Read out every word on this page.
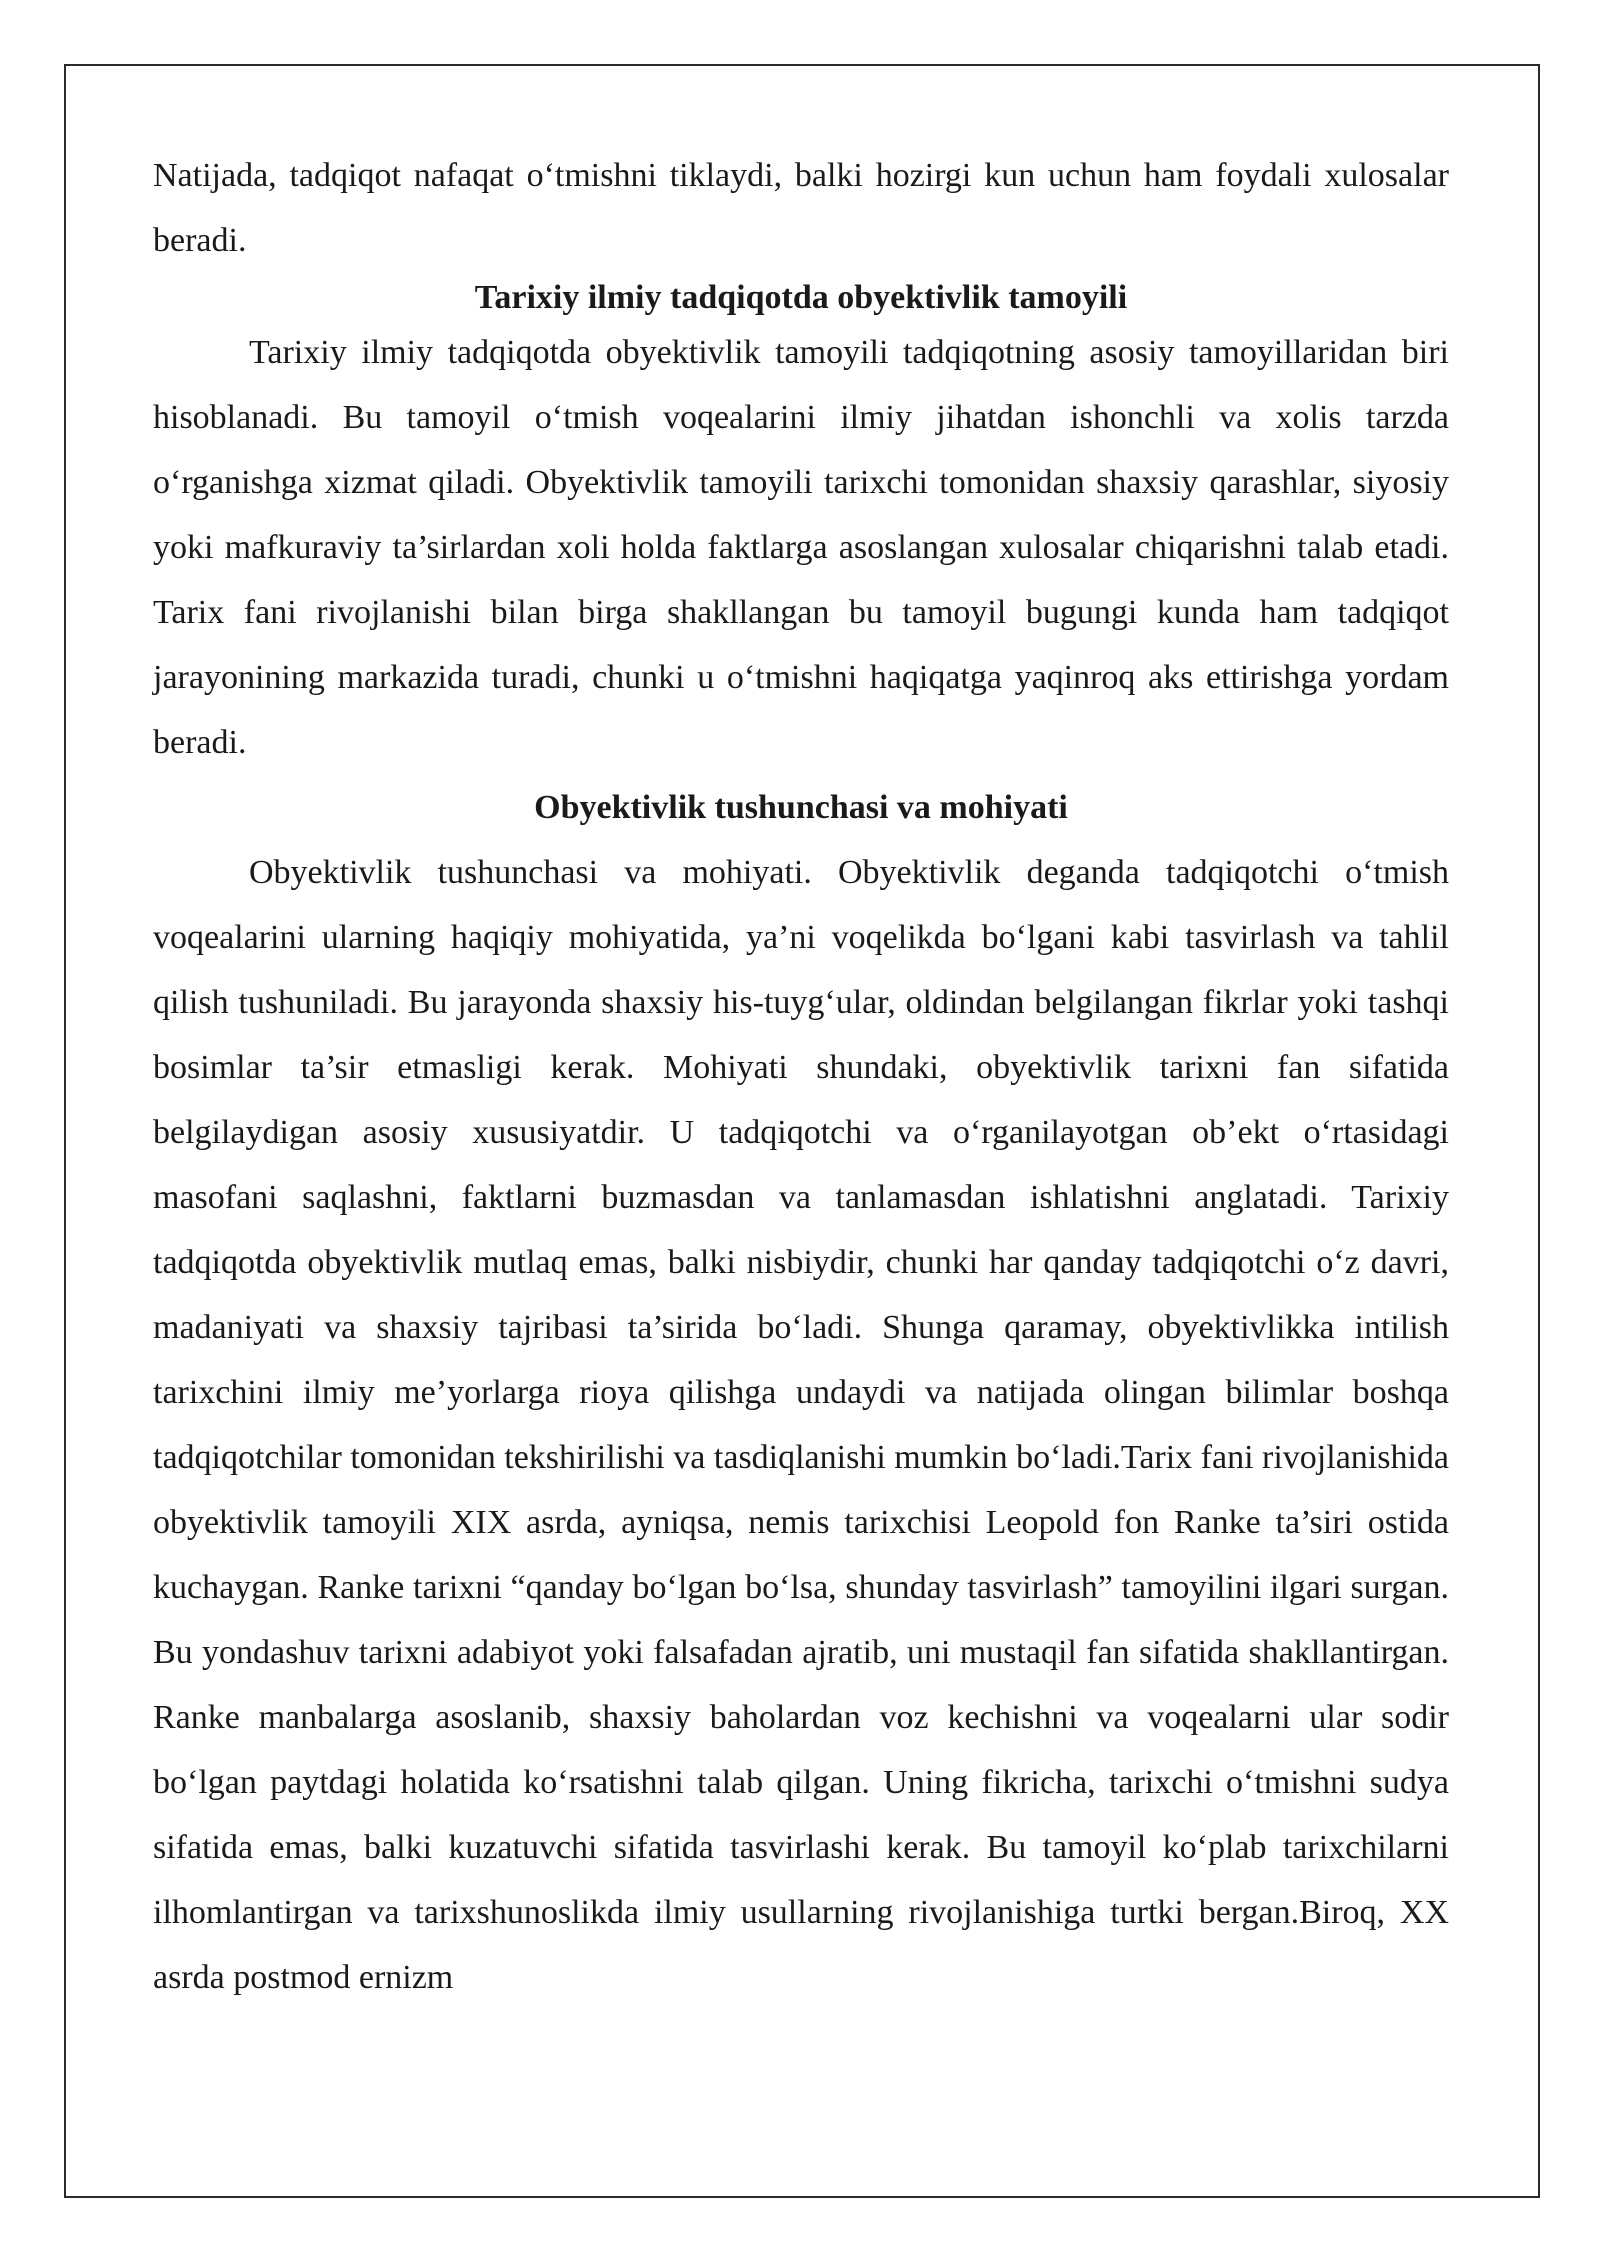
Natijada, tadqiqot nafaqat o‘tmishni tiklaydi, balki hozirgi kun uchun ham foydali xulosalar beradi.

Tarixiy ilmiy tadqiqotda obyektivlik tamoyili

Tarixiy ilmiy tadqiqotda obyektivlik tamoyili tadqiqotning asosiy tamoyillaridan biri hisoblanadi. Bu tamoyil o‘tmish voqealarini ilmiy jihatdan ishonchli va xolis tarzda o‘rganishga xizmat qiladi. Obyektivlik tamoyili tarixchi tomonidan shaxsiy qarashlar, siyosiy yoki mafkuraviy ta’sirlardan xoli holda faktlarga asoslangan xulosalar chiqarishni talab etadi. Tarix fani rivojlanishi bilan birga shakllangan bu tamoyil bugungi kunda ham tadqiqot jarayonining markazida turadi, chunki u o‘tmishni haqiqatga yaqinroq aks ettirishga yordam beradi.

Obyektivlik tushunchasi va mohiyati

Obyektivlik tushunchasi va mohiyati. Obyektivlik deganda tadqiqotchi o‘tmish voqealarini ularning haqiqiy mohiyatida, ya’ni voqelikda bo‘lgani kabi tasvirlash va tahlil qilish tushuniladi. Bu jarayonda shaxsiy his-tuyg‘ular, oldindan belgilangan fikrlar yoki tashqi bosimlar ta’sir etmasligi kerak. Mohiyati shundaki, obyektivlik tarixni fan sifatida belgilaydigan asosiy xususiyatdir. U tadqiqotchi va o‘rganilayotgan ob’ekt o‘rtasidagi masofani saqlashni, faktlarni buzmasdan va tanlamasdan ishlatishni anglatadi. Tarixiy tadqiqotda obyektivlik mutlaq emas, balki nisbiydir, chunki har qanday tadqiqotchi o‘z davri, madaniyati va shaxsiy tajribasi ta’sirida bo‘ladi. Shunga qaramay, obyektivlikka intilish tarixchini ilmiy me’yorlarga rioya qilishga undaydi va natijada olingan bilimlar boshqa tadqiqotchilar tomonidan tekshirilishi va tasdiqlanishi mumkin bo‘ladi.Tarix fani rivojlanishida obyektivlik tamoyili XIX asrda, ayniqsa, nemis tarixchisi Leopold fon Ranke ta’siri ostida kuchaygan. Ranke tarixni “qanday bo‘lgan bo‘lsa, shunday tasvirlash” tamoyilini ilgari surgan. Bu yondashuv tarixni adabiyot yoki falsafadan ajratib, uni mustaqil fan sifatida shakllantirgan. Ranke manbalarga asoslanib, shaxsiy baholardan voz kechishni va voqealarni ular sodir bo‘lgan paytdagi holatida ko‘rsatishni talab qilgan. Uning fikricha, tarixchi o‘tmishni sudya sifatida emas, balki kuzatuvchi sifatida tasvirlashi kerak. Bu tamoyil ko‘plab tarixchilarni ilhomlantirgan va tarixshunoslikda ilmiy usullarning rivojlanishiga turtki bergan.Biroq, XX asrda postmod ernizm
